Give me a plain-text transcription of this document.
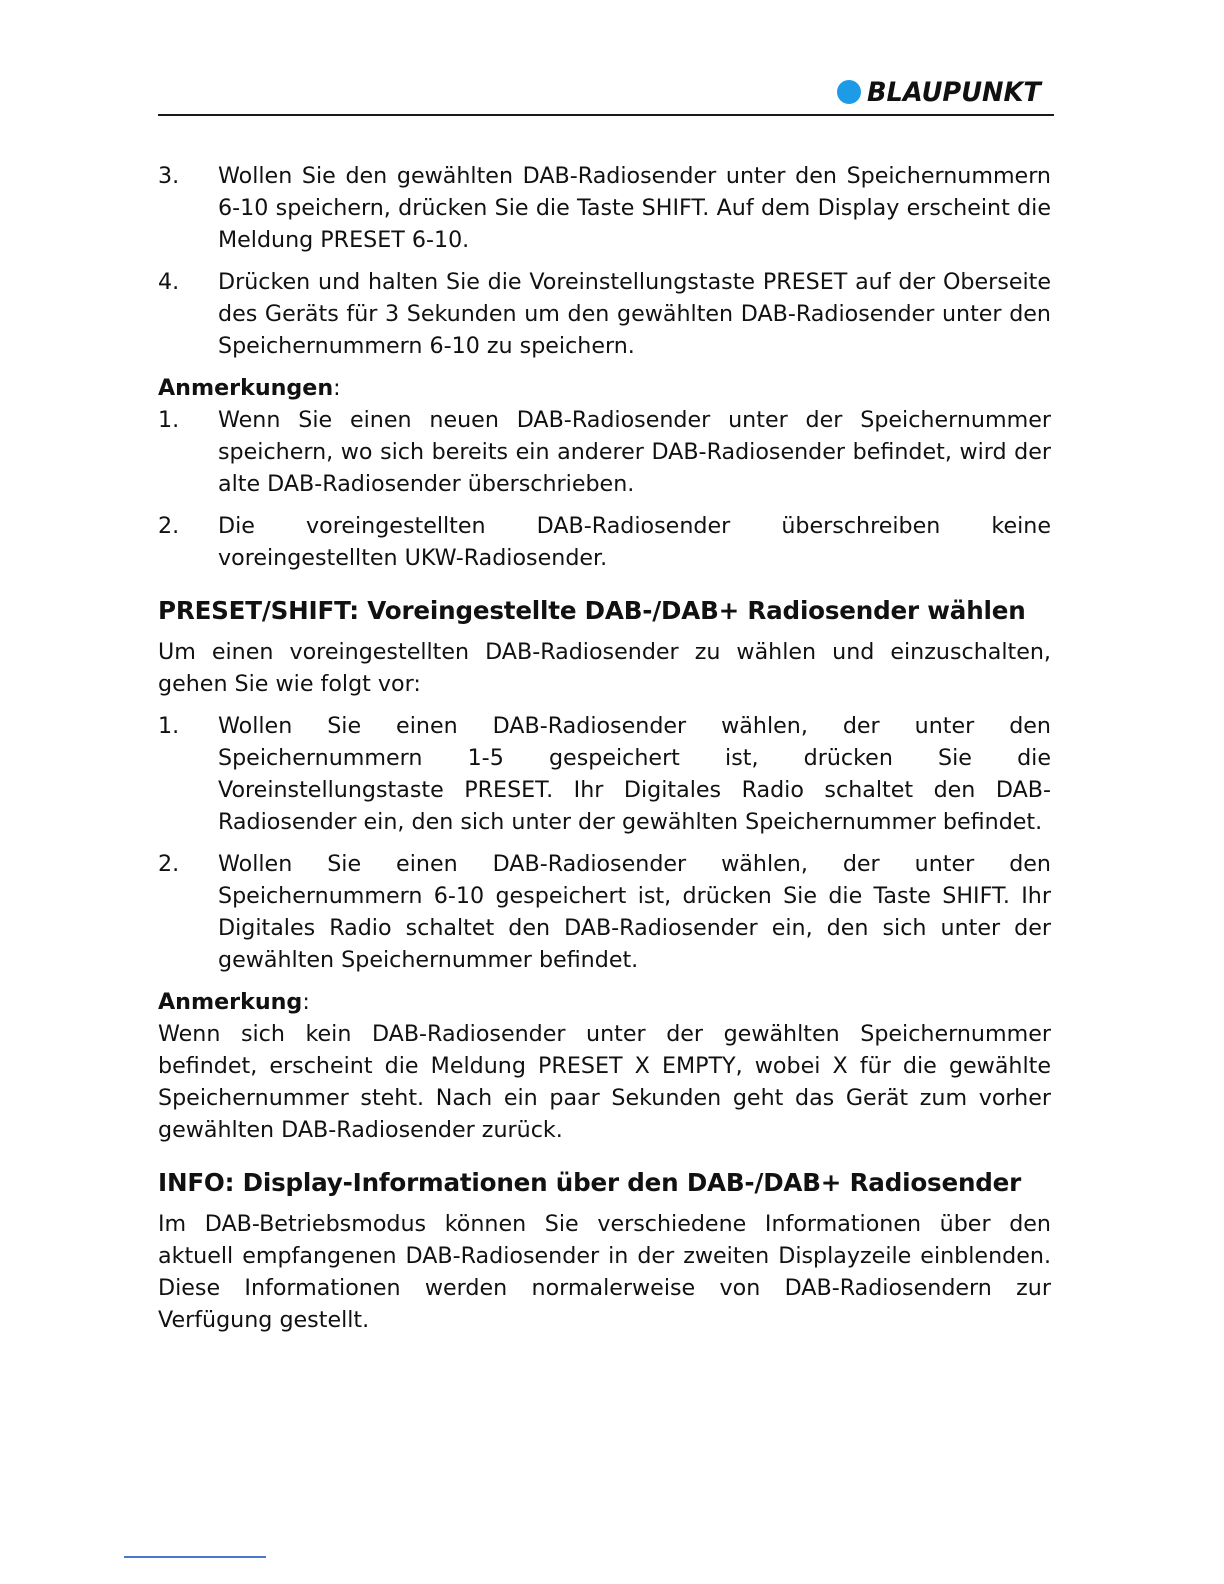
BLAUPUNKT
3.	Wollen Sie den gewählten DAB-Radiosender unter den Speichernummern 6-10 speichern, drücken Sie die Taste SHIFT. Auf dem Display erscheint die Meldung PRESET 6-10.
4.	Drücken und halten Sie die Voreinstellungstaste PRESET auf der Oberseite des Geräts für 3 Sekunden um den gewählten DAB-Radiosender unter den Speichernummern 6-10 zu speichern.
Anmerkungen:
1.	Wenn Sie einen neuen DAB-Radiosender unter der Speichernummer speichern, wo sich bereits ein anderer DAB-Radiosender befindet, wird der alte DAB-Radiosender überschrieben.
2.	Die voreingestellten DAB-Radiosender überschreiben keine voreingestellten UKW-Radiosender.
PRESET/SHIFT: Voreingestellte DAB-/DAB+ Radiosender wählen
Um einen voreingestellten DAB-Radiosender zu wählen und einzuschalten, gehen Sie wie folgt vor:
1.	Wollen Sie einen DAB-Radiosender wählen, der unter den Speichernummern 1-5 gespeichert ist, drücken Sie die Voreinstellungstaste PRESET. Ihr Digitales Radio schaltet den DAB-Radiosender ein, den sich unter der gewählten Speichernummer befindet.
2.	Wollen Sie einen DAB-Radiosender wählen, der unter den Speichernummern 6-10 gespeichert ist, drücken Sie die Taste SHIFT. Ihr Digitales Radio schaltet den DAB-Radiosender ein, den sich unter der gewählten Speichernummer befindet.
Anmerkung:
Wenn sich kein DAB-Radiosender unter der gewählten Speichernummer befindet, erscheint die Meldung PRESET X EMPTY, wobei X für die gewählte Speichernummer steht. Nach ein paar Sekunden geht das Gerät zum vorher gewählten DAB-Radiosender zurück.
INFO: Display-Informationen über den DAB-/DAB+ Radiosender
Im DAB-Betriebsmodus können Sie verschiedene Informationen über den aktuell empfangenen DAB-Radiosender in der zweiten Displayzeile einblenden. Diese Informationen werden normalerweise von DAB-Radiosendern zur Verfügung gestellt.
